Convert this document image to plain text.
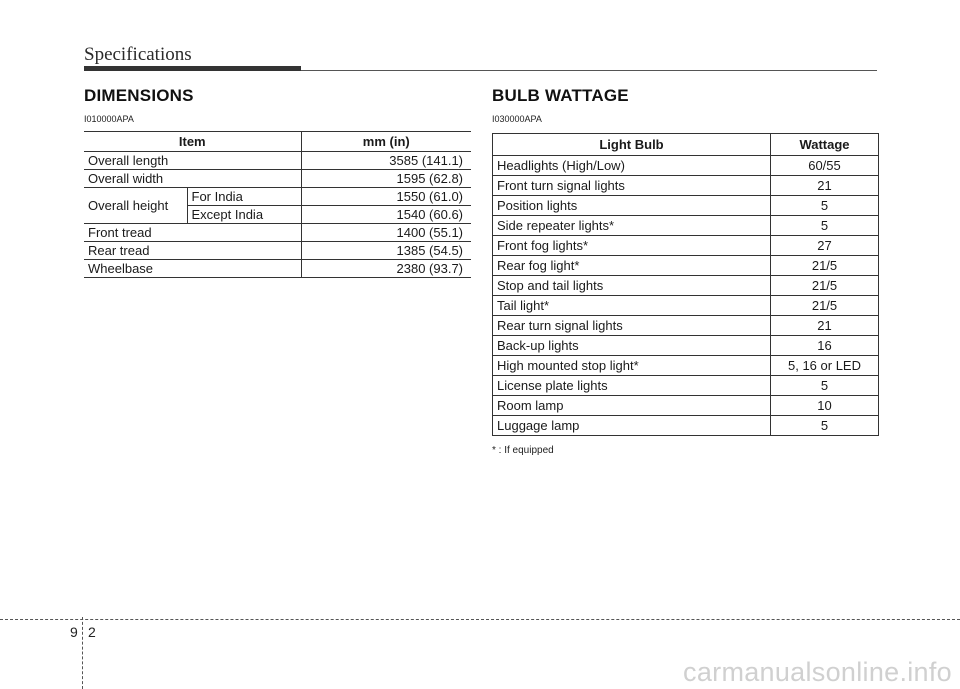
Specifications
DIMENSIONS
I010000APA
Item		mm (in)
Overall length		3585 (141.1)
Overall width		1595 (62.8)
Overall height	For India	1550 (61.0)
	Except India	1540 (60.6)
Front tread		1400 (55.1)
Rear tread		1385 (54.5)
Wheelbase		2380 (93.7)
BULB WATTAGE
I030000APA
Light Bulb	Wattage
Headlights (High/Low)	60/55
Front turn signal lights	21
Position lights	5
Side repeater lights*	5
Front fog lights*	27
Rear fog light*	21/5
Stop and tail lights	21/5
Tail light*	21/5
Rear turn signal lights	21
Back-up lights	16
High mounted stop light*	5, 16 or LED
License plate lights	5
Room lamp	10
Luggage lamp	5
* : If equipped
9 2
carmanualsonline.info
